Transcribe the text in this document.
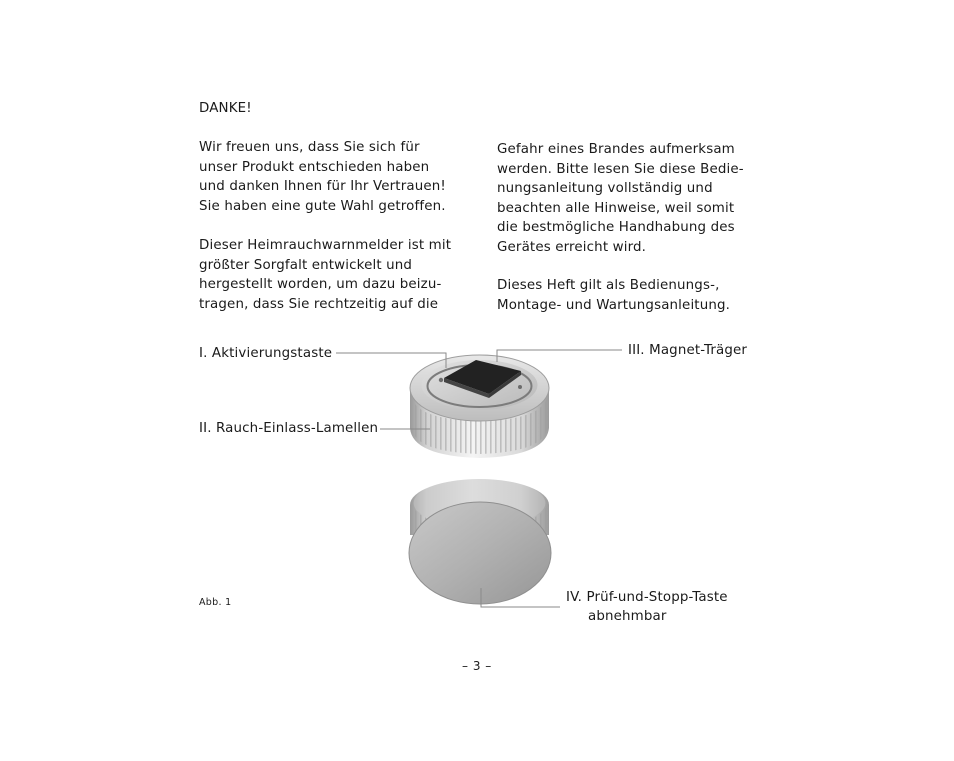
DANKE!
Wir freuen uns, dass Sie sich für
unser Produkt entschieden haben
und danken Ihnen für Ihr Vertrauen!
Sie haben eine gute Wahl getroffen.
Dieser Heimrauchwarnmelder ist mit
größter Sorgfalt entwickelt und
hergestellt worden, um dazu beizu-
tragen, dass Sie rechtzeitig auf die
Gefahr eines Brandes aufmerksam
werden. Bitte lesen Sie diese Bedie-
nungsanleitung vollständig und
beachten alle Hinweise, weil somit
die bestmögliche Handhabung des
Gerätes erreicht wird.
Dieses Heft gilt als Bedienungs-,
Montage- und Wartungsanleitung.
I. Aktivierungstaste
II. Rauch-Einlass-Lamellen
III. Magnet-Träger
IV. Prüf-und-Stopp-Taste
abnehmbar
Abb. 1
– 3 –
